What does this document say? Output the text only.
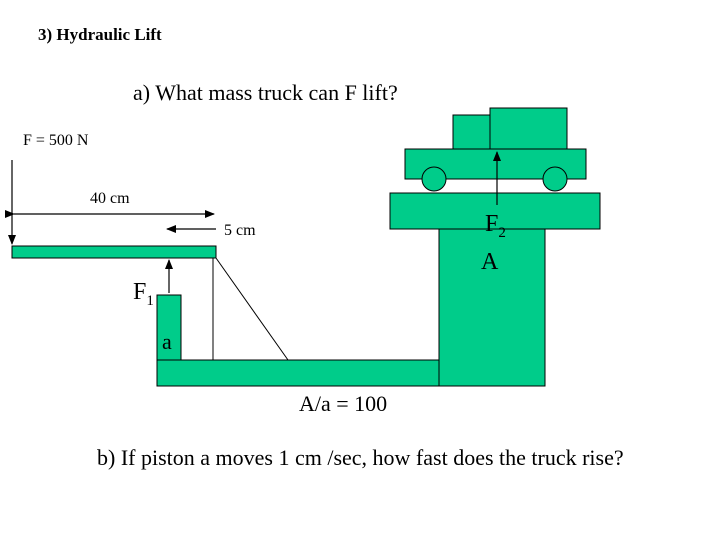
3) Hydraulic Lift
a) What mass truck can F lift?
F = 500 N
40 cm
5 cm	$F_2$
A
$F_1$
a
A/a = 100
b) If piston a moves 1 cm /sec, how fast does the truck rise?
